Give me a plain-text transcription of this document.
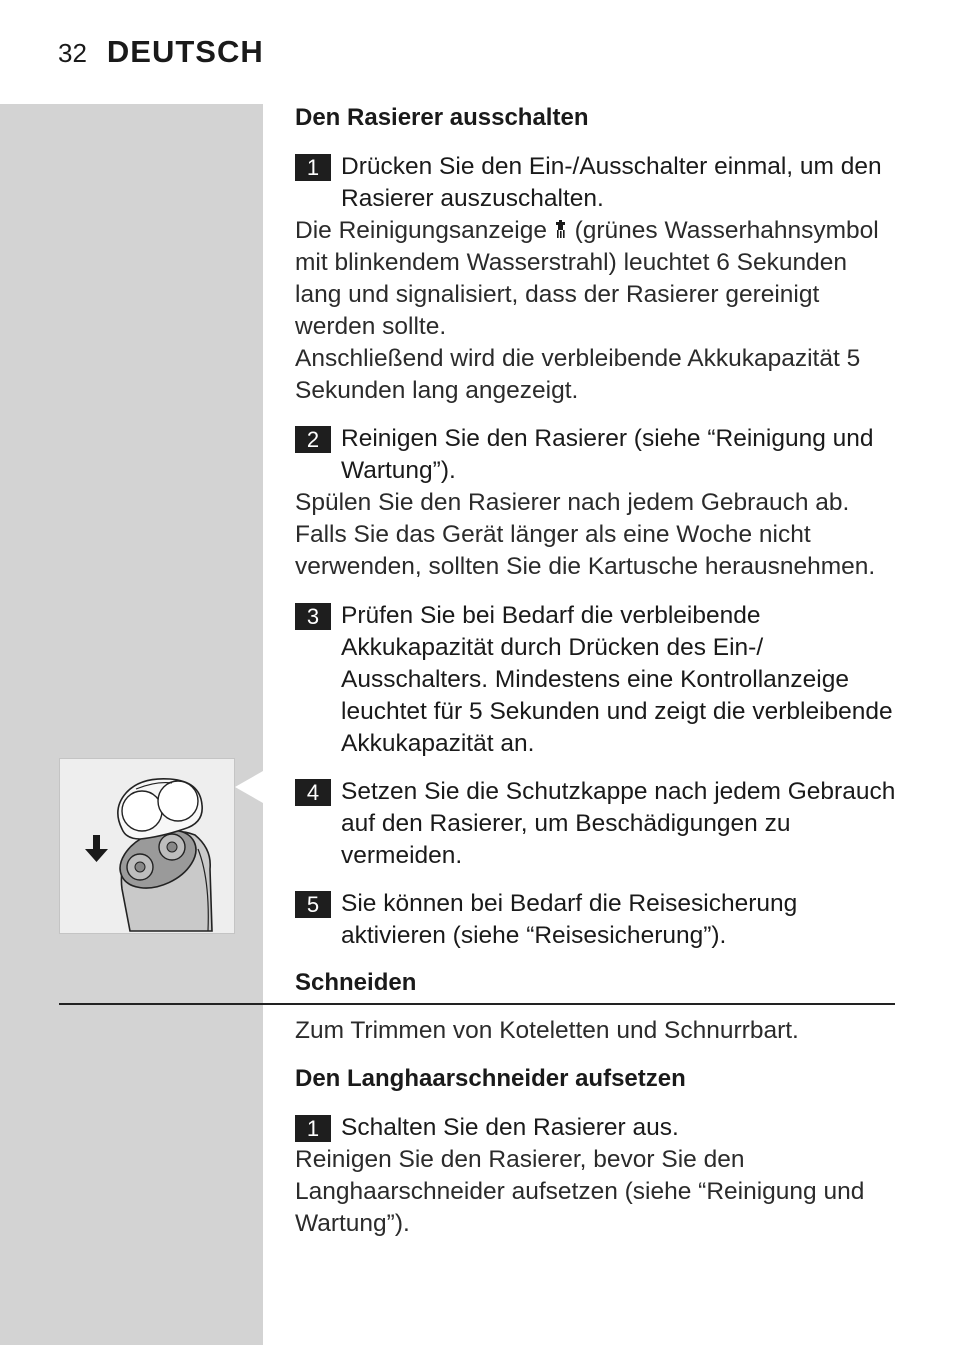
32 DEUTSCH
Den Rasierer ausschalten
1 Drücken Sie den Ein-/Ausschalter einmal, um den Rasierer auszuschalten.
Die Reinigungsanzeige (grünes Wasserhahnsymbol mit blinkendem Wasserstrahl) leuchtet 6 Sekunden lang und signalisiert, dass der Rasierer gereinigt werden sollte.
Anschließend wird die verbleibende Akkukapazität 5 Sekunden lang angezeigt.
2 Reinigen Sie den Rasierer (siehe “Reinigung und Wartung”).
Spülen Sie den Rasierer nach jedem Gebrauch ab. Falls Sie das Gerät länger als eine Woche nicht verwenden, sollten Sie die Kartusche herausnehmen.
3 Prüfen Sie bei Bedarf die verbleibende Akkukapazität durch Drücken des Ein-/ Ausschalters. Mindestens eine Kontrollanzeige leuchtet für 5 Sekunden und zeigt die verbleibende Akkukapazität an.
4 Setzen Sie die Schutzkappe nach jedem Gebrauch auf den Rasierer, um Beschädigungen zu vermeiden.
5 Sie können bei Bedarf die Reisesicherung aktivieren (siehe “Reisesicherung”).
Schneiden
Zum Trimmen von Koteletten und Schnurrbart.
Den Langhaarschneider aufsetzen
1 Schalten Sie den Rasierer aus.
Reinigen Sie den Rasierer, bevor Sie den Langhaarschneider aufsetzen (siehe “Reinigung und Wartung”).
